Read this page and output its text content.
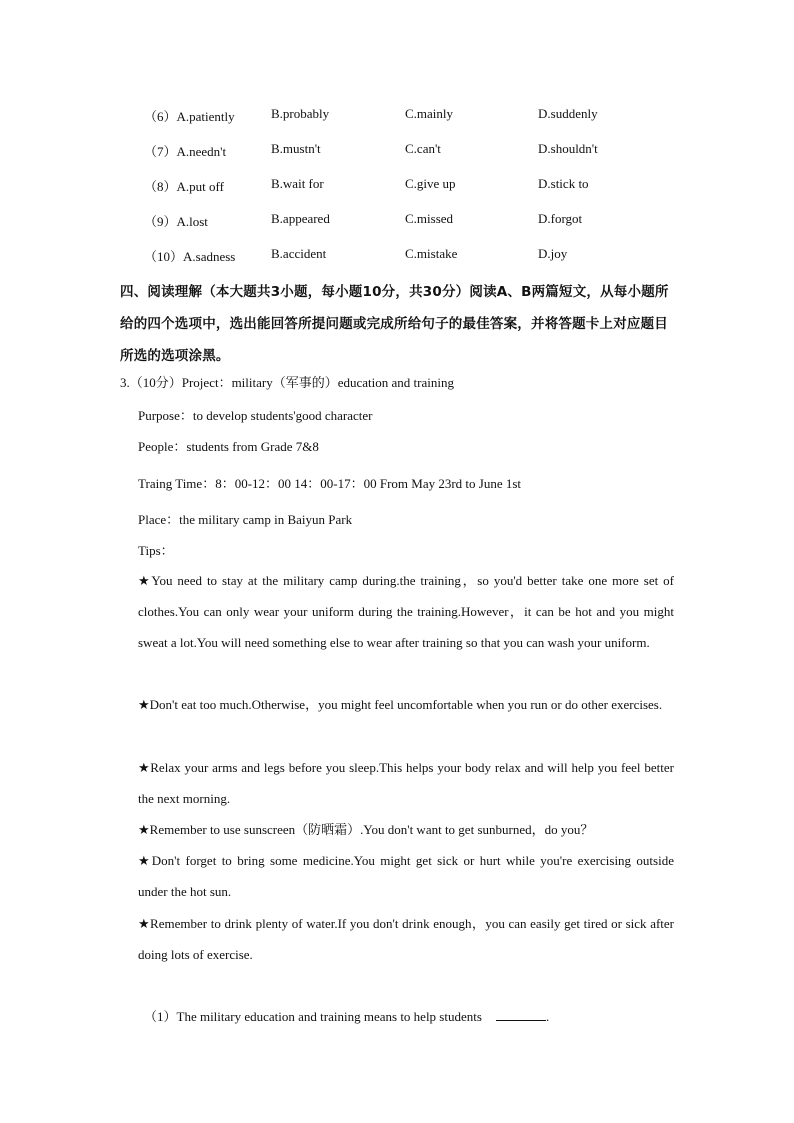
（6）A.patiently	B.probably	C.mainly	D.suddenly
（7）A.needn't	B.mustn't	C.can't	D.shouldn't
（8）A.put off	B.wait for	C.give up	D.stick to
（9）A.lost	B.appeared	C.missed	D.forgot
（10）A.sadness	B.accident	C.mistake	D.joy
四、阅读理解（本大题共3小题，每小题10分，共30分）阅读A、B两篇短文，从每小题所给的四个选项中，选出能回答所提问题或完成所给句子的最佳答案，并将答题卡上对应题目所选的选项涂黑。
3.（10分）Project：military（军事的）education and training
Purpose：to develop students'good character
People：students from Grade 7&8
Traing Time：8：00-12：00 14：00-17：00 From May 23rd to June 1st
Place：the military camp in Baiyun Park
Tips：
★You need to stay at the military camp during.the training，so you'd better take one more set of clothes.You can only wear your uniform during the training.However，it can be hot and you might sweat a lot.You will need something else to wear after training so that you can wash your uniform.
★Don't eat too much.Otherwise，you might feel uncomfortable when you run or do other exercises.
★Relax your arms and legs before you sleep.This helps your body relax and will help you feel better the next morning.
★Remember to use sunscreen（防晒霜）.You don't want to get sunburned，do you？
★Don't forget to bring some medicine.You might get sick or hurt while you're exercising outside under the hot sun.
★Remember to drink plenty of water.If you don't drink enough，you can easily get tired or sick after doing lots of exercise.
（1）The military education and training means to help students	.
